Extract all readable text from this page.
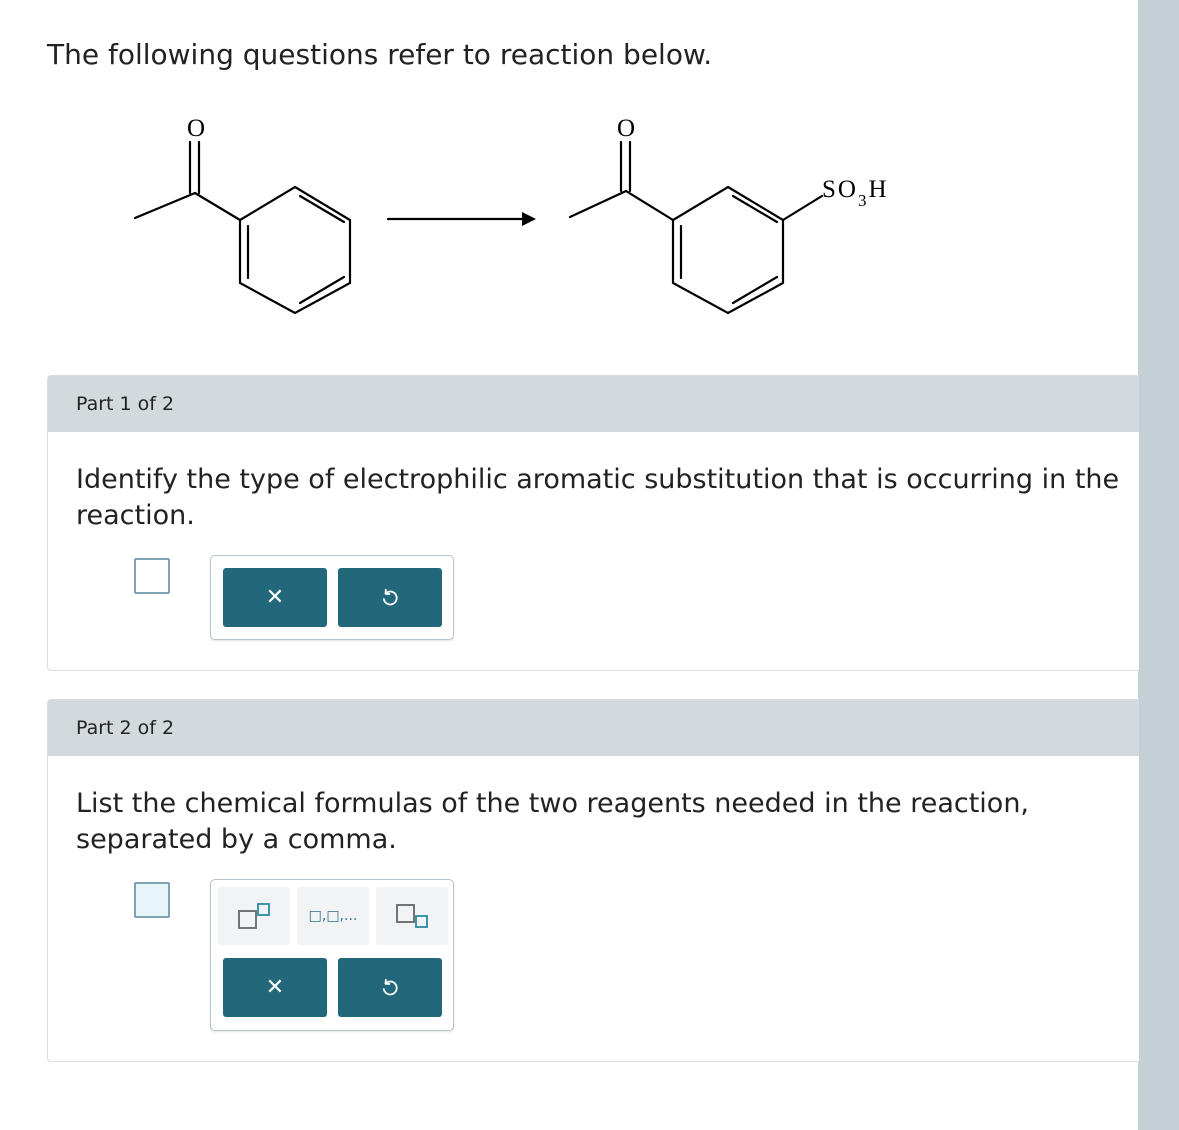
The following questions refer to reaction below.
O	O
$SO_3H$
Part 1 of 2
Identify the type of electrophilic aromatic substitution that is occurring in the
reaction.
✕
Part 2 of 2
List the chemical formulas of the two reagents needed in the reaction,
separated by a comma.
□,□,...
✕
